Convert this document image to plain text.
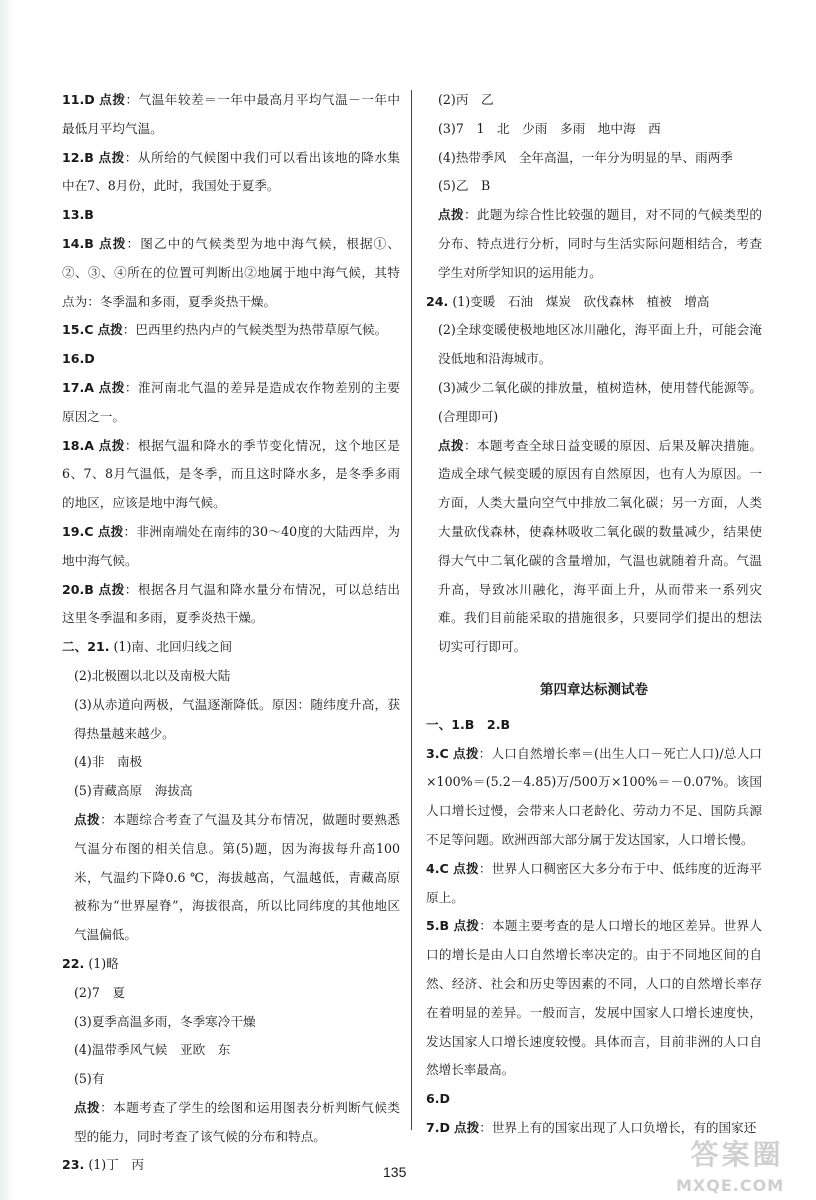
11.D 点拨：气温年较差＝一年中最高月平均气温－一年中最低月平均气温。

12.B 点拨：从所给的气候图中我们可以看出该地的降水集中在7、8月份，此时，我国处于夏季。

13.B

14.B 点拨：图乙中的气候类型为地中海气候，根据①、②、③、④所在的位置可判断出②地属于地中海气候，其特点为：冬季温和多雨，夏季炎热干燥。

15.C 点拨：巴西里约热内卢的气候类型为热带草原气候。

16.D

17.A 点拨：淮河南北气温的差异是造成农作物差别的主要原因之一。

18.A 点拨：根据气温和降水的季节变化情况，这个地区是6、7、8月气温低，是冬季，而且这时降水多，是冬季多雨的地区，应该是地中海气候。

19.C 点拨：非洲南端处在南纬的30～40度的大陆西岸，为地中海气候。

20.B 点拨：根据各月气温和降水量分布情况，可以总结出这里冬季温和多雨，夏季炎热干燥。

二、21. (1)南、北回归线之间

(2)北极圈以北以及南极大陆

(3)从赤道向两极，气温逐渐降低。原因：随纬度升高，获得热量越来越少。

(4)非　南极

(5)青藏高原　海拔高

点拨：本题综合考查了气温及其分布情况，做题时要熟悉气温分布图的相关信息。第(5)题，因为海拔每升高100米，气温约下降0.6 ℃，海拔越高，气温越低，青藏高原被称为“世界屋脊”，海拔很高，所以比同纬度的其他地区气温偏低。

22. (1)略

(2)7　夏

(3)夏季高温多雨，冬季寒冷干燥

(4)温带季风气候　亚欧　东

(5)有

点拨：本题考查了学生的绘图和运用图表分析判断气候类型的能力，同时考查了该气候的分布和特点。

23. (1)丁　丙

(2)丙　乙

(3)7　1　北　少雨　多雨　地中海　西

(4)热带季风　全年高温，一年分为明显的旱、雨两季

(5)乙　B

点拨：此题为综合性比较强的题目，对不同的气候类型的分布、特点进行分析，同时与生活实际问题相结合，考查学生对所学知识的运用能力。

24. (1)变暖　石油　煤炭　砍伐森林　植被　增高

(2)全球变暖使极地地区冰川融化，海平面上升，可能会淹没低地和沿海城市。

(3)减少二氧化碳的排放量，植树造林，使用替代能源等。(合理即可)

点拨：本题考查全球日益变暖的原因、后果及解决措施。造成全球气候变暖的原因有自然原因，也有人为原因。一方面，人类大量向空气中排放二氧化碳；另一方面，人类大量砍伐森林，使森林吸收二氧化碳的数量减少，结果使得大气中二氧化碳的含量增加，气温也就随着升高。气温升高，导致冰川融化，海平面上升，从而带来一系列灾难。我们目前能采取的措施很多，只要同学们提出的想法切实可行即可。

第四章达标测试卷

一、1.B　2.B

3.C 点拨：人口自然增长率＝(出生人口－死亡人口)/总人口×100%＝(5.2－4.85)万/500万×100%＝－0.07%。该国人口增长过慢，会带来人口老龄化、劳动力不足、国防兵源不足等问题。欧洲西部大部分属于发达国家，人口增长慢。

4.C 点拨：世界人口稠密区大多分布于中、低纬度的近海平原上。

5.B 点拨：本题主要考查的是人口增长的地区差异。世界人口的增长是由人口自然增长率决定的。由于不同地区间的自然、经济、社会和历史等因素的不同，人口的自然增长率存在着明显的差异。一般而言，发展中国家人口增长速度快，发达国家人口增长速度较慢。具体而言，目前非洲的人口自然增长率最高。

6.D

7.D 点拨：世界上有的国家出现了人口负增长，有的国家还

135
答案圈
MXQE.COM
